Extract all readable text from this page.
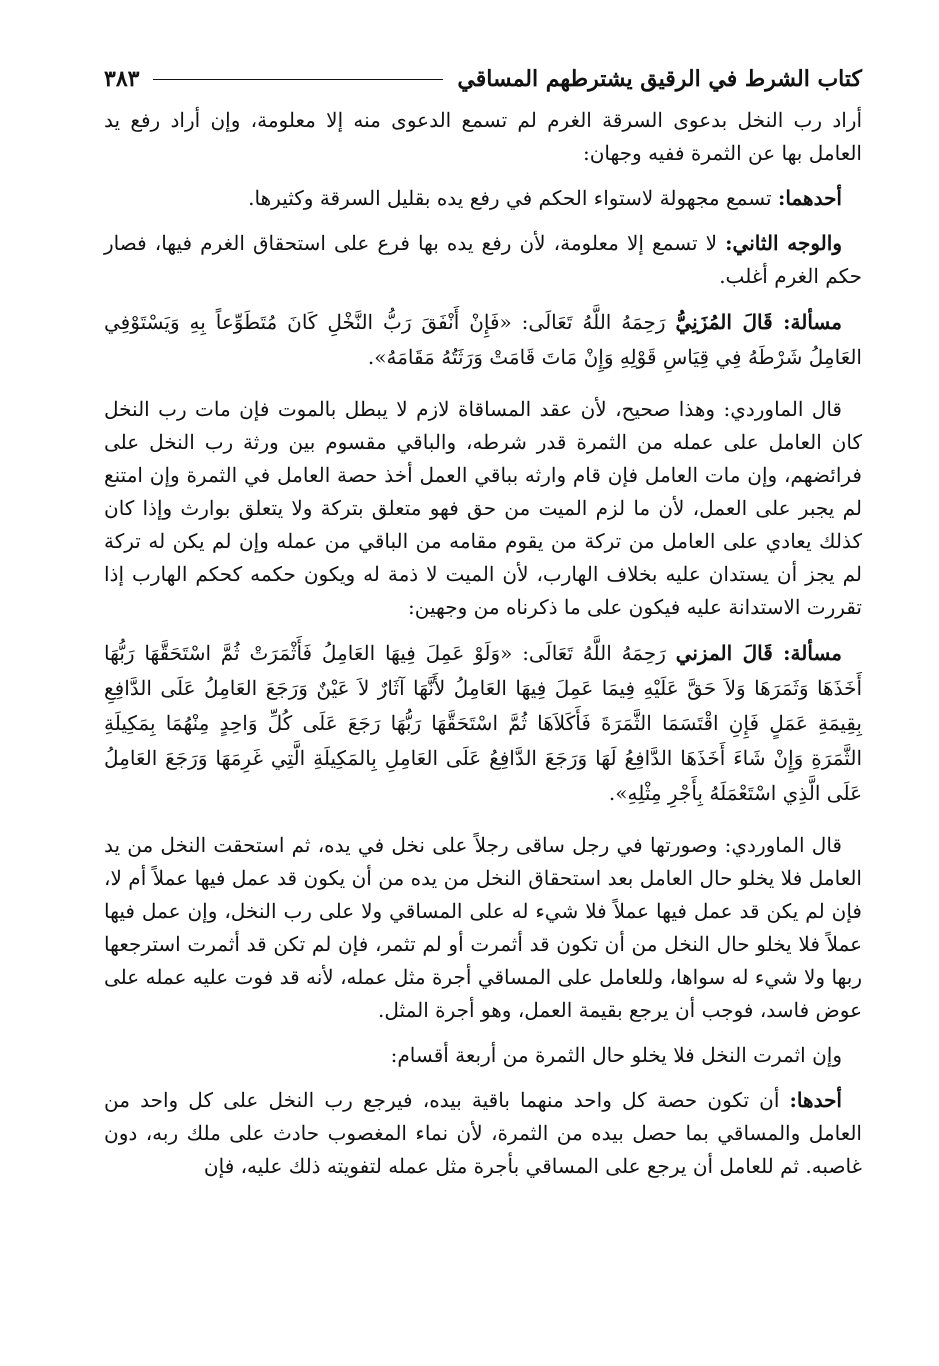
كتاب الشرط في الرقيق يشترطهم المساقي
٣٨٣

أراد رب النخل بدعوى السرقة الغرم لم تسمع الدعوى منه إلا معلومة، وإن أراد رفع يد العامل بها عن الثمرة ففيه وجهان:

أحدهما: تسمع مجهولة لاستواء الحكم في رفع يده بقليل السرقة وكثيرها.

والوجه الثاني: لا تسمع إلا معلومة، لأن رفع يده بها فرع على استحقاق الغرم فيها، فصار حكم الغرم أغلب.

مسألة: قَالَ المُزَنِيُّ رَحِمَهُ اللَّهُ تَعَالَى: «فَإِنْ أَنْفَقَ رَبُّ النَّخْلِ كَانَ مُتَطَوِّعاً بِهِ وَيَسْتَوْفِي العَامِلُ شَرْطَهُ فِي قِيَاسِ قَوْلِهِ وَإِنْ مَاتَ قَامَتْ وَرَثَتُهُ مَقَامَهُ».

قال الماوردي: وهذا صحيح، لأن عقد المساقاة لازم لا يبطل بالموت فإن مات رب النخل كان العامل على عمله من الثمرة قدر شرطه، والباقي مقسوم بين ورثة رب النخل على فرائضهم، وإن مات العامل فإن قام وارثه بباقي العمل أخذ حصة العامل في الثمرة وإن امتنع لم يجبر على العمل، لأن ما لزم الميت من حق فهو متعلق بتركة ولا يتعلق بوارث وإذا كان كذلك يعادي على العامل من تركة من يقوم مقامه من الباقي من عمله وإن لم يكن له تركة لم يجز أن يستدان عليه بخلاف الهارب، لأن الميت لا ذمة له ويكون حكمه كحكم الهارب إذا تقررت الاستدانة عليه فيكون على ما ذكرناه من وجهين:

مسألة: قَالَ المزني رَحِمَهُ اللَّهُ تَعَالَى: «وَلَوْ عَمِلَ فِيهَا العَامِلُ فَأَثْمَرَتْ ثُمَّ اسْتَحَقَّهَا رَبُّهَا أَخَذَهَا وَثَمَرَهَا وَلاَ حَقَّ عَلَيْهِ فِيمَا عَمِلَ فِيهَا العَامِلُ لأَنَّهَا آثَارٌ لاَ عَيْنٌ وَرَجَعَ العَامِلُ عَلَى الدَّافِعِ بِقِيمَةِ عَمَلٍ فَإِنِ اقْتَسَمَا الثَّمَرَةَ فَأَكَلاَهَا ثُمَّ اسْتَحَقَّهَا رَبُّهَا رَجَعَ عَلَى كُلِّ وَاحِدٍ مِنْهُمَا بِمَكِيلَةِ الثَّمَرَةِ وَإِنْ شَاءَ أَخَذَهَا الدَّافِعُ لَهَا وَرَجَعَ الدَّافِعُ عَلَى العَامِلِ بِالمَكِيلَةِ الَّتِي غَرِمَهَا وَرَجَعَ العَامِلُ عَلَى الَّذِي اسْتَعْمَلَهُ بِأَجْرِ مِثْلِهِ».

قال الماوردي: وصورتها في رجل ساقى رجلاً على نخل في يده، ثم استحقت النخل من يد العامل فلا يخلو حال العامل بعد استحقاق النخل من يده من أن يكون قد عمل فيها عملاً أم لا، فإن لم يكن قد عمل فيها عملاً فلا شيء له على المساقي ولا على رب النخل، وإن عمل فيها عملاً فلا يخلو حال النخل من أن تكون قد أثمرت أو لم تثمر، فإن لم تكن قد أثمرت استرجعها ربها ولا شيء له سواها، وللعامل على المساقي أجرة مثل عمله، لأنه قد فوت عليه عمله على عوض فاسد، فوجب أن يرجع بقيمة العمل، وهو أجرة المثل.

وإن اثمرت النخل فلا يخلو حال الثمرة من أربعة أقسام:

أحدها: أن تكون حصة كل واحد منهما باقية بيده، فيرجع رب النخل على كل واحد من العامل والمساقي بما حصل بيده من الثمرة، لأن نماء المغصوب حادث على ملك ربه، دون غاصبه. ثم للعامل أن يرجع على المساقي بأجرة مثل عمله لتفويته ذلك عليه، فإن
